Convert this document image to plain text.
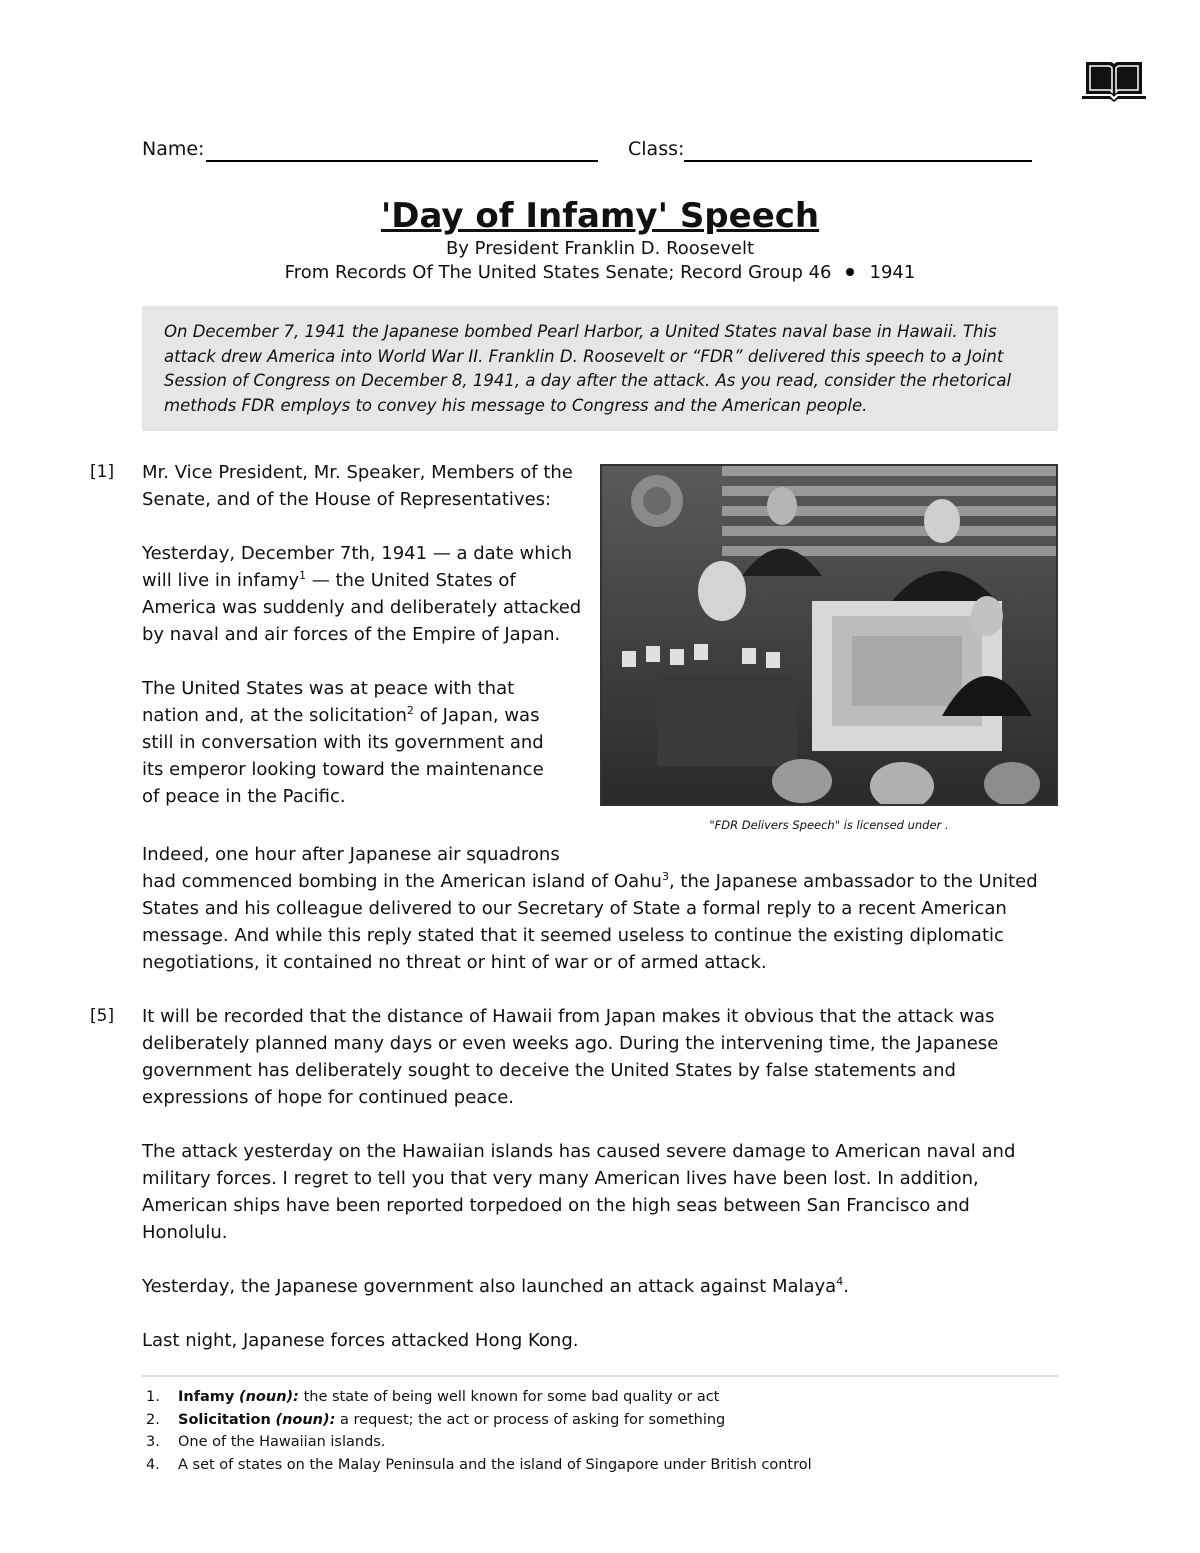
Name:	Class:
'Day of Infamy' Speech
By President Franklin D. Roosevelt
From Records Of The United States Senate; Record Group 46 1941
On December 7, 1941 the Japanese bombed Pearl Harbor, a United States naval base in Hawaii. This attack drew America into World War II. Franklin D. Roosevelt or “FDR” delivered this speech to a Joint Session of Congress on December 8, 1941, a day after the attack. As you read, consider the rhetorical methods FDR employs to convey his message to Congress and the American people.
[1]
[5]

Mr. Vice President, Mr. Speaker, Members of the Senate, and of the House of Representatives:

Yesterday, December 7th, 1941 — a date which will live in infamy$^1$ — the United States of America was suddenly and deliberately attacked by naval and air forces of the Empire of Japan.

The United States was at peace with that nation and, at the solicitation$^2$ of Japan, was still in conversation with its government and its emperor looking toward the maintenance of peace in the Pacific.

Indeed, one hour after Japanese air squadrons

had commenced bombing in the American island of Oahu$^3$, the Japanese ambassador to the United States and his colleague delivered to our Secretary of State a formal reply to a recent American message. And while this reply stated that it seemed useless to continue the existing diplomatic negotiations, it contained no threat or hint of war or of armed attack.

It will be recorded that the distance of Hawaii from Japan makes it obvious that the attack was deliberately planned many days or even weeks ago. During the intervening time, the Japanese government has deliberately sought to deceive the United States by false statements and expressions of hope for continued peace.

The attack yesterday on the Hawaiian islands has caused severe damage to American naval and military forces. I regret to tell you that very many American lives have been lost. In addition, American ships have been reported torpedoed on the high seas between San Francisco and Honolulu.

Yesterday, the Japanese government also launched an attack against Malaya$^4$.

Last night, Japanese forces attacked Hong Kong.

"FDR Delivers Speech" is licensed under .
1. Infamy (noun): the state of being well known for some bad quality or act
2. Solicitation (noun): a request; the act or process of asking for something
3. One of the Hawaiian islands.
4. A set of states on the Malay Peninsula and the island of Singapore under British control
